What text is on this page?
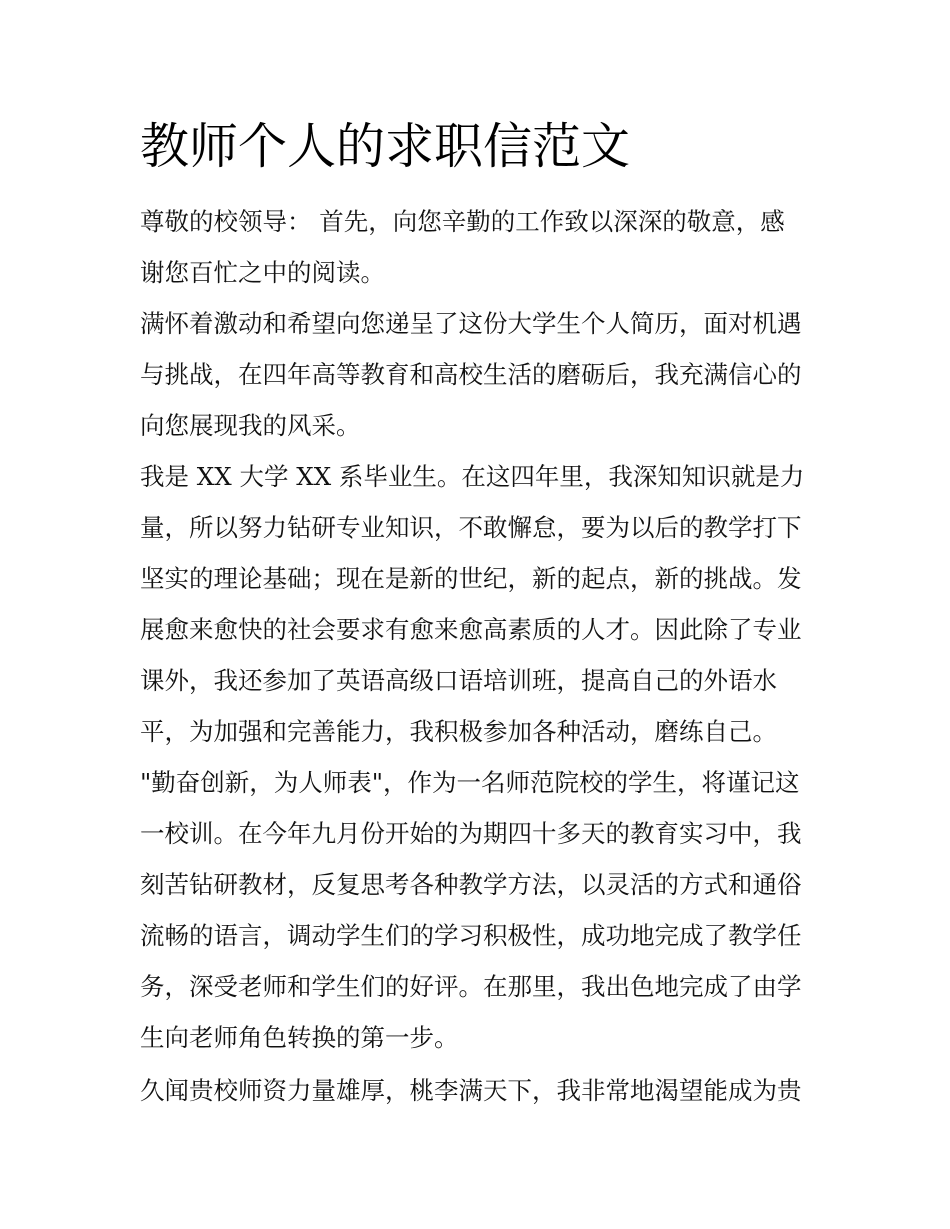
教师个人的求职信范文

尊敬的校领导： 首先，向您辛勤的工作致以深深的敬意，感

谢您百忙之中的阅读。

满怀着激动和希望向您递呈了这份大学生个人简历，面对机遇

与挑战，在四年高等教育和高校生活的磨砺后，我充满信心的

向您展现我的风采。

我是 XX 大学 XX 系毕业生。在这四年里，我深知知识就是力

量，所以努力钻研专业知识，不敢懈怠，要为以后的教学打下

坚实的理论基础；现在是新的世纪，新的起点，新的挑战。发

展愈来愈快的社会要求有愈来愈高素质的人才。因此除了专业

课外，我还参加了英语高级口语培训班，提高自己的外语水

平，为加强和完善能力，我积极参加各种活动，磨练自己。

"勤奋创新，为人师表"，作为一名师范院校的学生，将谨记这

一校训。在今年九月份开始的为期四十多天的教育实习中，我

刻苦钻研教材，反复思考各种教学方法，以灵活的方式和通俗

流畅的语言，调动学生们的学习积极性，成功地完成了教学任

务，深受老师和学生们的好评。在那里，我出色地完成了由学

生向老师角色转换的第一步。

久闻贵校师资力量雄厚，桃李满天下，我非常地渴望能成为贵
